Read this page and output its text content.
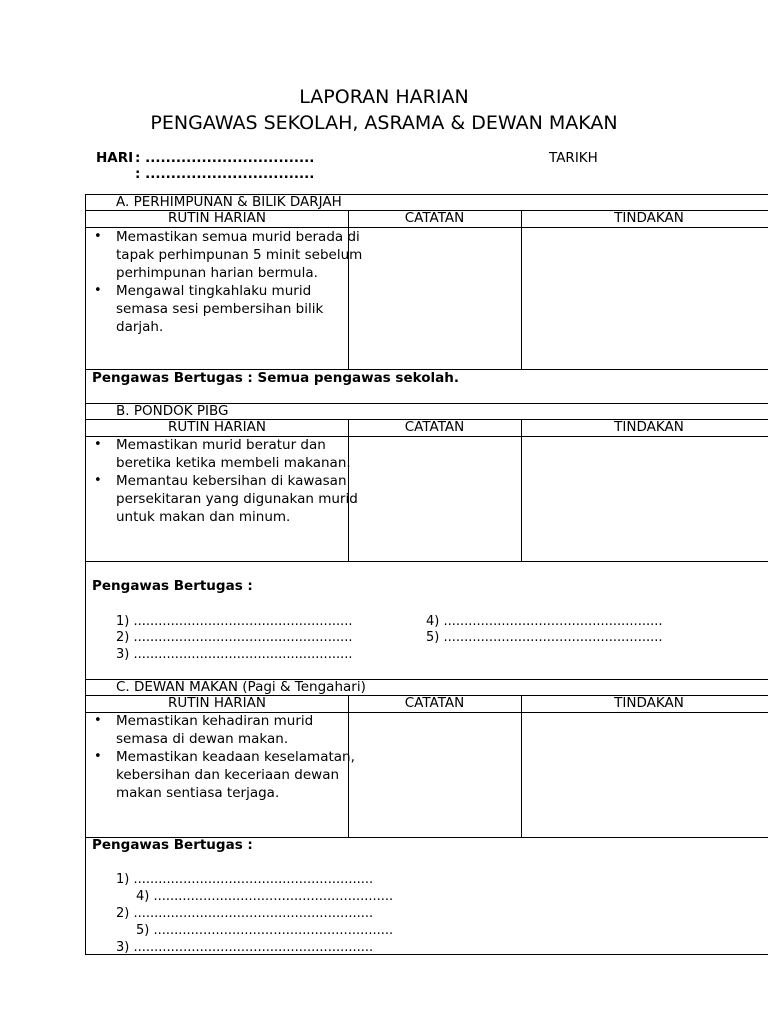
LAPORAN HARIAN
PENGAWAS SEKOLAH, ASRAMA & DEWAN MAKAN
HARI : .................................	TARIKH
: .................................
A. PERHIMPUNAN & BILIK DARJAH
RUTIN HARIAN	CATATAN	TINDAKAN
• Memastikan semua murid berada di tapak perhimpunan 5 minit sebelum perhimpunan harian bermula.
• Mengawal tingkahlaku murid semasa sesi pembersihan bilik darjah.
Pengawas Bertugas : Semua pengawas sekolah.
B. PONDOK PIBG
RUTIN HARIAN	CATATAN	TINDAKAN
• Memastikan murid beratur dan beretika ketika membeli makanan.
• Memantau kebersihan di kawasan persekitaran yang digunakan murid untuk makan dan minum.
Pengawas Bertugas :
1) .....................................................
2) .....................................................
3) .....................................................
4) .....................................................
5) .....................................................
C. DEWAN MAKAN (Pagi & Tengahari)
RUTIN HARIAN	CATATAN	TINDAKAN
• Memastikan kehadiran murid semasa di dewan makan.
• Memastikan keadaan keselamatan, kebersihan dan keceriaan dewan makan sentiasa terjaga.
Pengawas Bertugas :
1) ..........................................................
4) ..........................................................
2) ..........................................................
5) ..........................................................
3) ..........................................................
